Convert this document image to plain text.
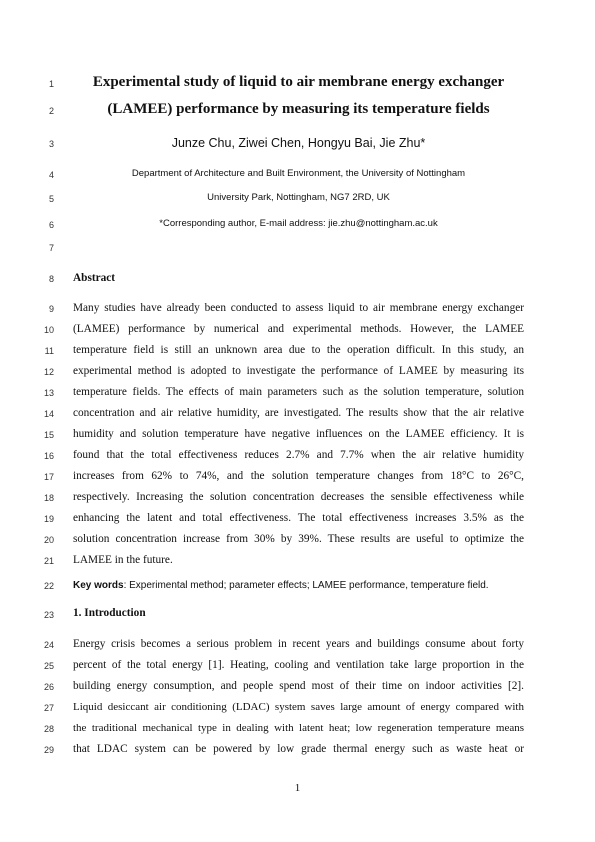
1
2
3
4
5
6
7
8
9
10
11
12
13
14
15
16
17
18
19
20
21
22
23
24
25
26
27
28
29
Experimental study of liquid to air membrane energy exchanger
(LAMEE) performance by measuring its temperature fields
Junze Chu, Ziwei Chen, Hongyu Bai, Jie Zhu*
Department of Architecture and Built Environment, the University of Nottingham
University Park, Nottingham, NG7 2RD, UK
*Corresponding author, E-mail address: jie.zhu@nottingham.ac.uk
Abstract
Many studies have already been conducted to assess liquid to air membrane energy exchanger
(LAMEE) performance by numerical and experimental methods. However, the LAMEE
temperature field is still an unknown area due to the operation difficult. In this study, an
experimental method is adopted to investigate the performance of LAMEE by measuring its
temperature fields. The effects of main parameters such as the solution temperature, solution
concentration and air relative humidity, are investigated. The results show that the air relative
humidity and solution temperature have negative influences on the LAMEE efficiency. It is
found that the total effectiveness reduces 2.7% and 7.7% when the air relative humidity
increases from 62% to 74%, and the solution temperature changes from 18°C to 26°C,
respectively. Increasing the solution concentration decreases the sensible effectiveness while
enhancing the latent and total effectiveness. The total effectiveness increases 3.5% as the
solution concentration increase from 30% by 39%. These results are useful to optimize the
LAMEE in the future.
Key words: Experimental method; parameter effects; LAMEE performance, temperature field.
1. Introduction
Energy crisis becomes a serious problem in recent years and buildings consume about forty
percent of the total energy [1]. Heating, cooling and ventilation take large proportion in the
building energy consumption, and people spend most of their time on indoor activities [2].
Liquid desiccant air conditioning (LDAC) system saves large amount of energy compared with
the traditional mechanical type in dealing with latent heat; low regeneration temperature means
that LDAC system can be powered by low grade thermal energy such as waste heat or
1
